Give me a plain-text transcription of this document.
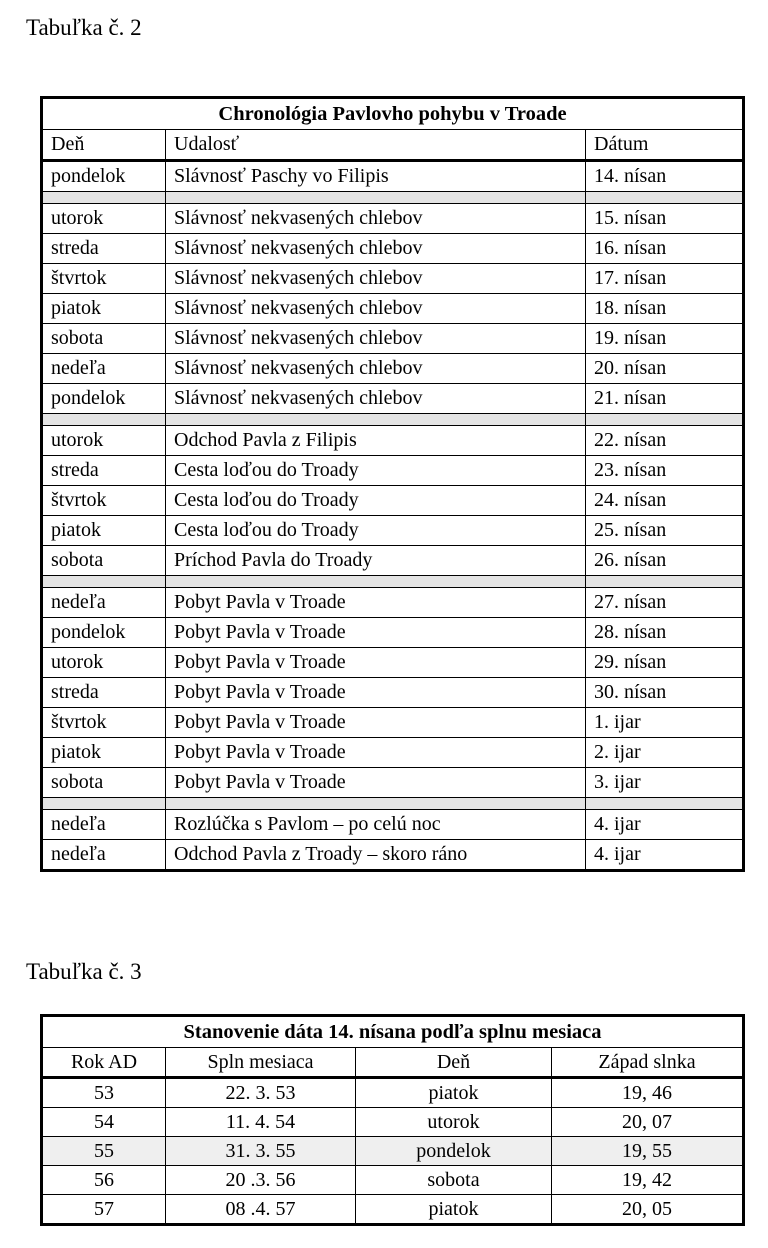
Tabuľka č. 2
Chronológia Pavlovho pohybu v Troade		
Deň	Udalosť	Dátum
pondelok	Slávnosť Paschy vo Filipis	14. nísan

utorok	Slávnosť nekvasených chlebov	15. nísan
streda	Slávnosť nekvasených chlebov	16. nísan
štvrtok	Slávnosť nekvasených chlebov	17. nísan
piatok	Slávnosť nekvasených chlebov	18. nísan
sobota	Slávnosť nekvasených chlebov	19. nísan
nedeľa	Slávnosť nekvasených chlebov	20. nísan
pondelok	Slávnosť nekvasených chlebov	21. nísan

utorok	Odchod Pavla z Filipis	22. nísan
streda	Cesta loďou do Troady	23. nísan
štvrtok	Cesta loďou do Troady	24. nísan
piatok	Cesta loďou do Troady	25. nísan
sobota	Príchod Pavla do Troady	26. nísan

nedeľa	Pobyt Pavla v Troade	27. nísan
pondelok	Pobyt Pavla v Troade	28. nísan
utorok	Pobyt Pavla v Troade	29. nísan
streda	Pobyt Pavla v Troade	30. nísan
štvrtok	Pobyt Pavla v Troade	1. ijar
piatok	Pobyt Pavla v Troade	2. ijar
sobota	Pobyt Pavla v Troade	3. ijar

nedeľa	Rozlúčka s Pavlom – po celú noc	4. ijar
nedeľa	Odchod Pavla z Troady – skoro ráno	4. ijar
Tabuľka č. 3
Stanovenie dáta 14. nísana podľa splnu mesiaca			
Rok AD	Spln mesiaca	Deň	Západ slnka
53	22. 3. 53	piatok	19, 46
54	11. 4. 54	utorok	20, 07
55	31. 3. 55	pondelok	19, 55
56	20 .3. 56	sobota	19, 42
57	08 .4. 57	piatok	20, 05
